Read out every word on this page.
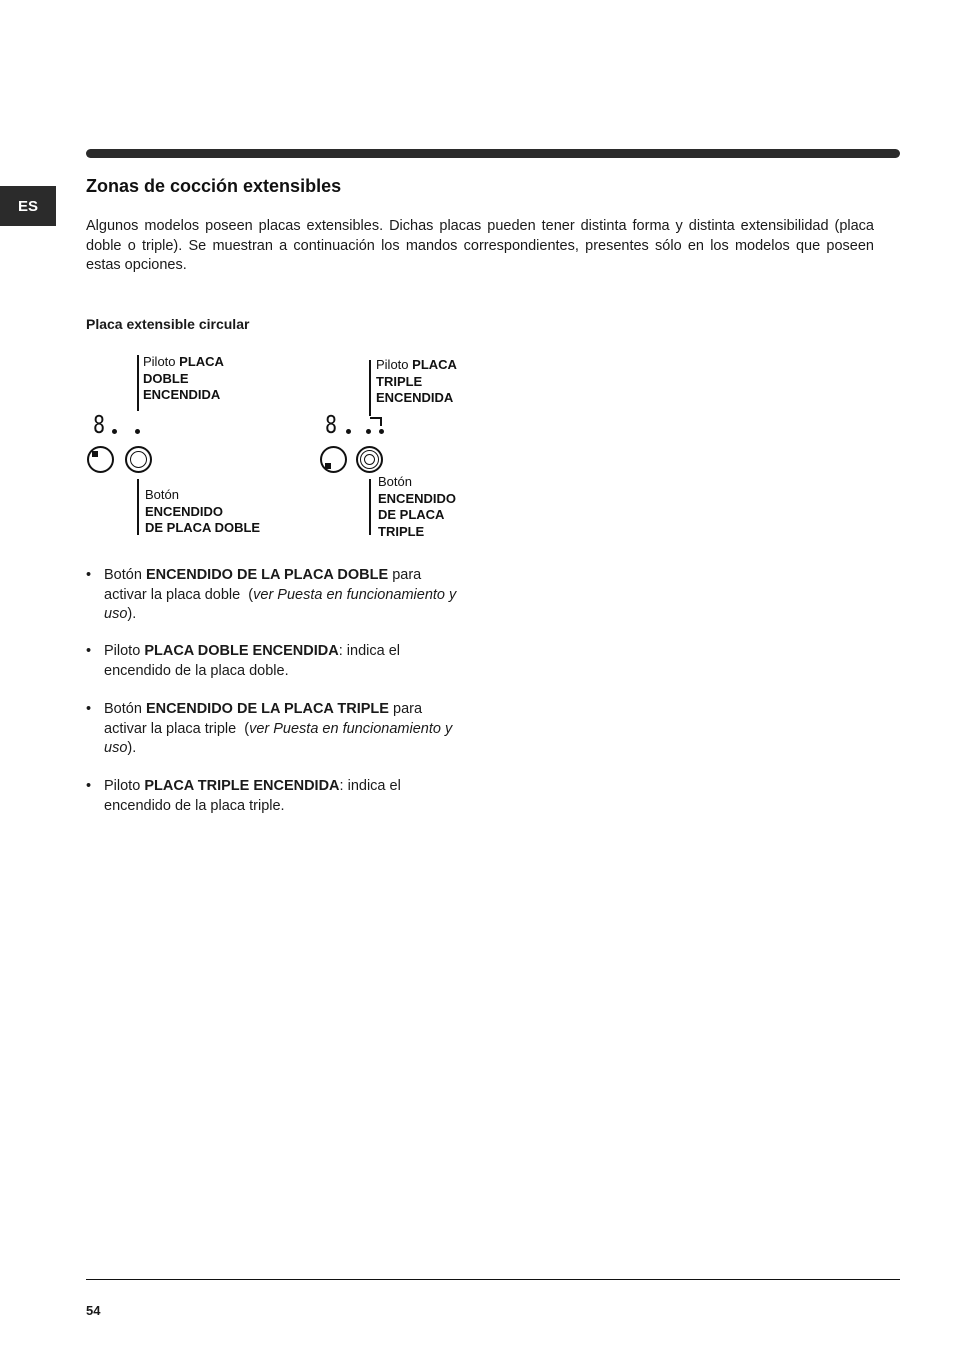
ES
Zonas de cocción extensibles

Algunos modelos poseen placas extensibles. Dichas placas pueden tener distinta forma y distinta extensibilidad (placa doble o triple). Se muestran a continuación los mandos correspondientes, presentes sólo en los modelos que poseen estas opciones.

Placa extensible circular
Piloto PLACA
DOBLE
ENCENDIDA
8
Botón
ENCENDIDO
DE PLACA DOBLE
Piloto PLACA
TRIPLE
ENCENDIDA
8
Botón
ENCENDIDO
DE PLACA
TRIPLE
• Botón ENCENDIDO DE LA PLACA DOBLE para activar la placa doble (ver Puesta en funcionamiento y uso).
• Piloto PLACA DOBLE ENCENDIDA: indica el encendido de la placa doble.
• Botón ENCENDIDO DE LA PLACA TRIPLE para activar la placa triple (ver Puesta en funcionamiento y uso).
• Piloto PLACA TRIPLE ENCENDIDA: indica el encendido de la placa triple.
54
